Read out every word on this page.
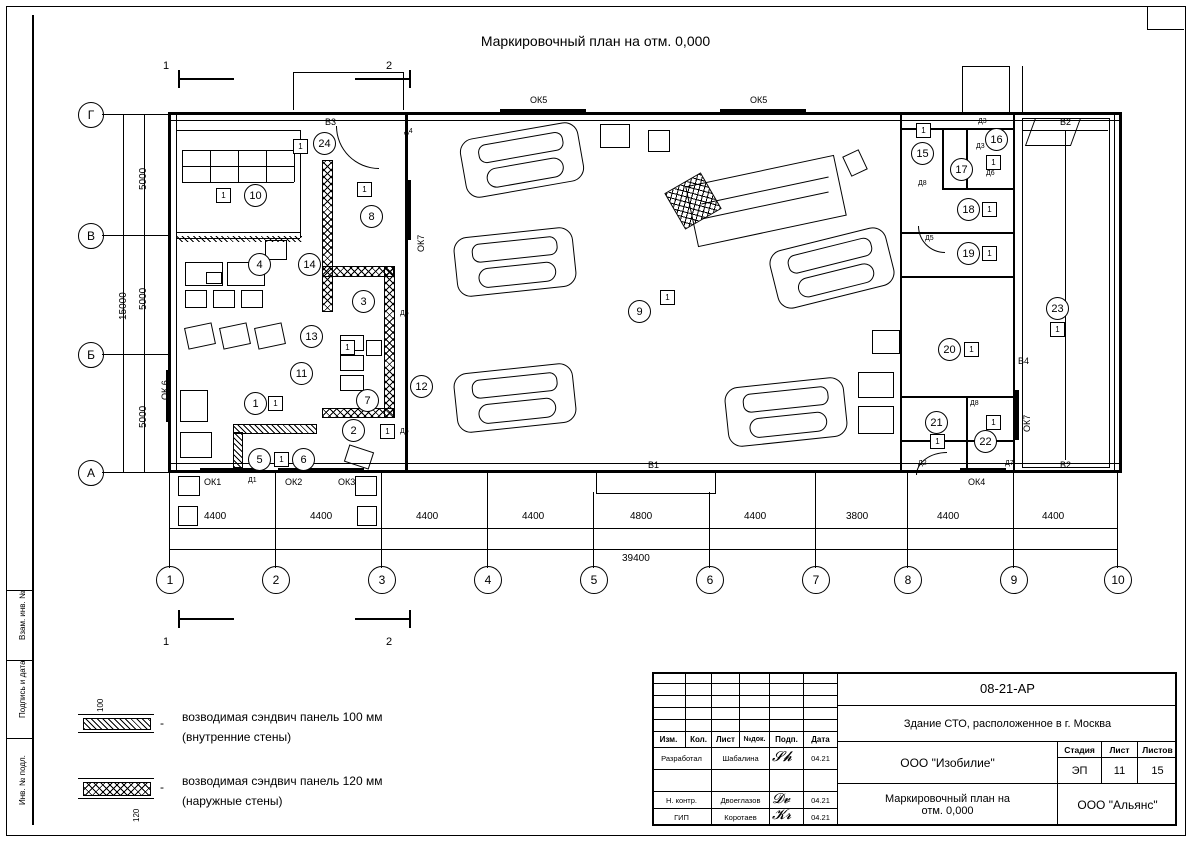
Взам. инв. №
Инв. № подл.
Подпись и дата
Маркировочный план на отм. 0,000
1	2
1	2
ОК5	ОК5
ОК7
ОК 6
ОК1	ОК2	ОК3	ОК4
ОК7
В3	В2
В1
В4
В2
Д3
Д3
Д4
Д5
Д5
Д5
Д6
Д8
Д8
Д7
Д2
Д1
10
1
24
1
8
1
4	14
3
13
11
1	1	7
12
2	1
5	6
1
1
9
1
15
1
16
17
1
18	1
19	1
20	1
21
1	22
1
23
1
Г
В
Б
А
5000
5000
5000
15000
1	2	3	4	5	6	7	8	9	10
4400	4400	4400	4400	4800	4400	3800	4400	4400
39400
100
- возводимая сэндвич панель 100 мм
(внутренние стены)
120
- возводимая сэндвич панель 120 мм
(наружные стены)
Изм.	Кол.	Лист	№док.	Подп.	Дата
Разработал	Шабалина	04.21
Н. контр.	Двоеглазов	04.21
ГИП	Коротаев	04.21
𝓢𝓱
𝓓𝓿
𝓚𝓻
08-21-АР
Здание СТО, расположенное в г. Москва
ООО "Изобилие"
Стадия	Лист	Листов
ЭП	11	15
Маркировочный план на
отм. 0,000	ООО "Альянс"
